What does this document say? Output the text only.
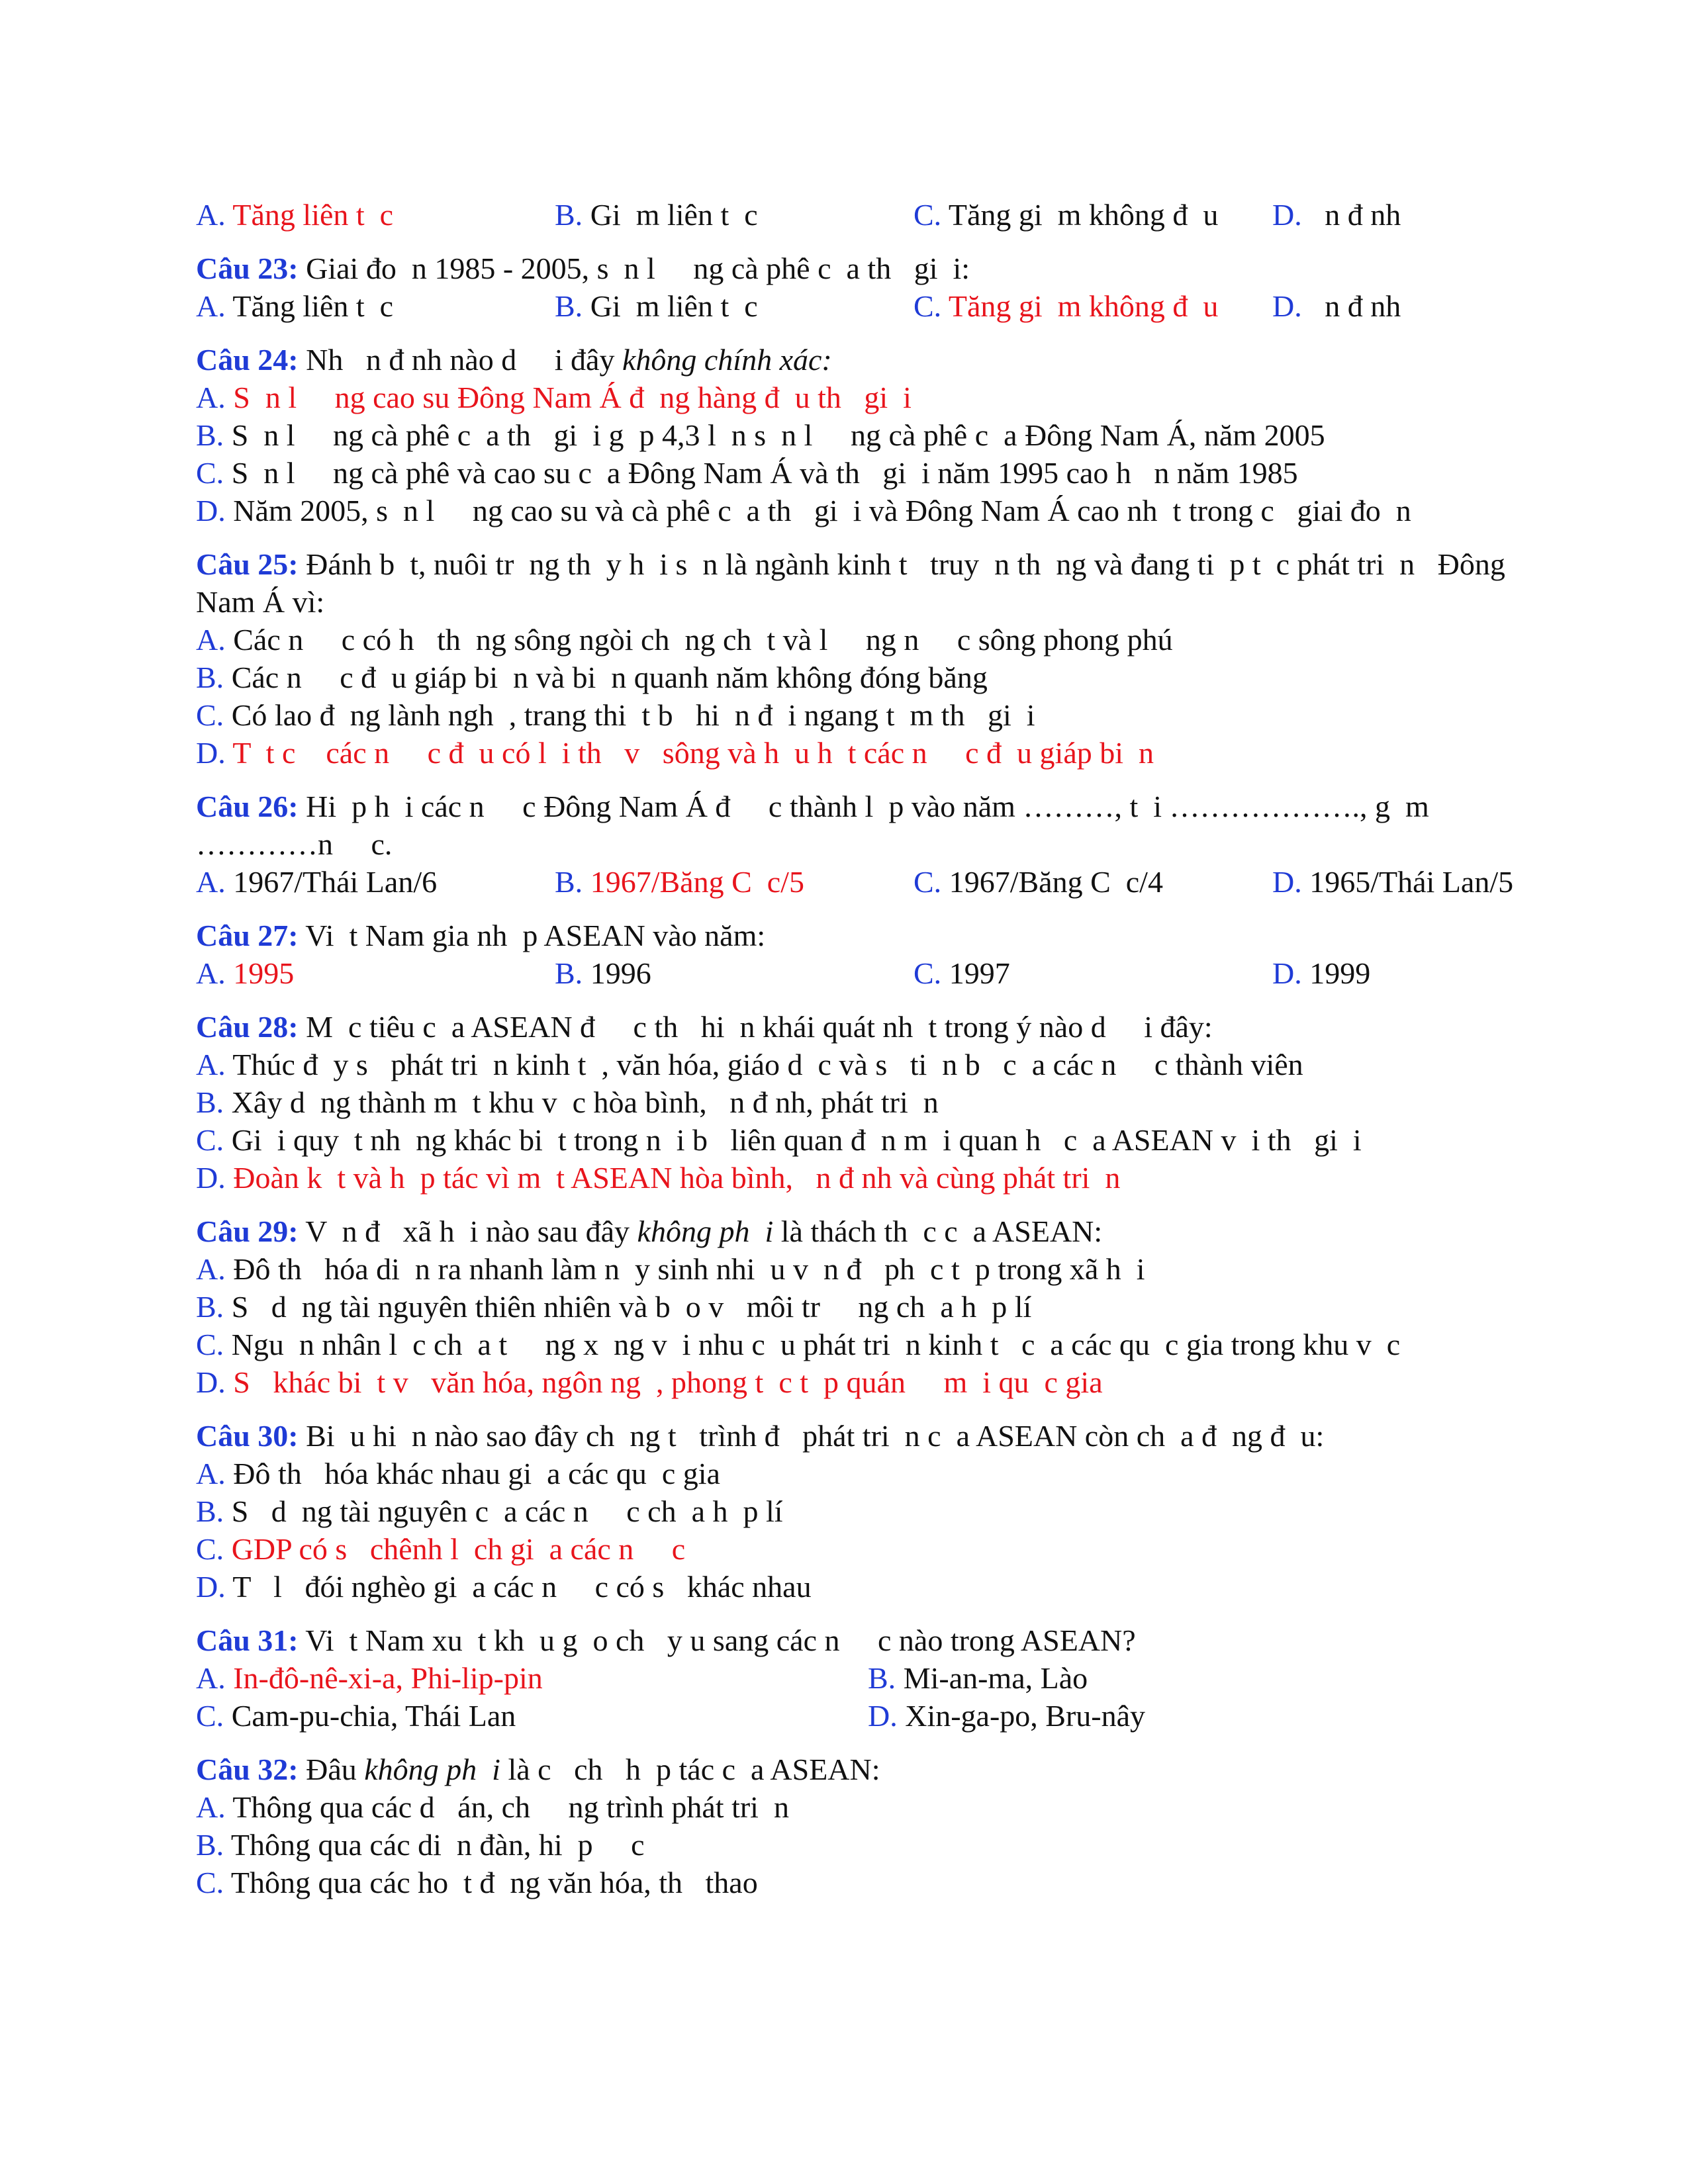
A. Tăng liên t  c	B. Gi  m liên t  c	C. Tăng gi  m không đ  u	D.   n đ nh
Câu 23: Giai đo  n 1985 - 2005, s  n l     ng cà phê c  a th   gi  i:
A. Tăng liên t  c	B. Gi  m liên t  c	C. Tăng gi  m không đ  u	D.   n đ nh
Câu 24: Nh   n đ nh nào d     i đây không chính xác:
A. S  n l     ng cao su Đông Nam Á đ  ng hàng đ  u th   gi  i
B. S  n l     ng cà phê c  a th   gi  i g  p 4,3 l  n s  n l     ng cà phê c  a Đông Nam Á, năm 2005
C. S  n l     ng cà phê và cao su c  a Đông Nam Á và th   gi  i năm 1995 cao h   n năm 1985
D. Năm 2005, s  n l     ng cao su và cà phê c  a th   gi  i và Đông Nam Á cao nh  t trong c   giai đo  n
Câu 25: Đánh b  t, nuôi tr  ng th  y h  i s  n là ngành kinh t   truy  n th  ng và đang ti  p t  c phát tri  n   Đông Nam Á vì:
A. Các n     c có h   th  ng sông ngòi ch  ng ch  t và l     ng n     c sông phong phú
B. Các n     c đ  u giáp bi  n và bi  n quanh năm không đóng băng
C. Có lao đ  ng lành ngh  , trang thi  t b   hi  n đ  i ngang t  m th   gi  i
D. T  t c    các n     c đ  u có l  i th   v   sông và h  u h  t các n     c đ  u giáp bi  n
Câu 26: Hi  p h  i các n     c Đông Nam Á đ     c thành l  p vào năm ………, t  i ………………., g  m …………n     c.
A. 1967/Thái Lan/6	B. 1967/Băng C  c/5	C. 1967/Băng C  c/4	D. 1965/Thái Lan/5
Câu 27: Vi  t Nam gia nh  p ASEAN vào năm:
A. 1995	B. 1996	C. 1997	D. 1999
Câu 28: M  c tiêu c  a ASEAN đ     c th   hi  n khái quát nh  t trong ý nào d     i đây:
A. Thúc đ  y s   phát tri  n kinh t  , văn hóa, giáo d  c và s   ti  n b   c  a các n     c thành viên
B. Xây d  ng thành m  t khu v  c hòa bình,   n đ nh, phát tri  n
C. Gi  i quy  t nh  ng khác bi  t trong n  i b   liên quan đ  n m  i quan h   c  a ASEAN v  i th   gi  i
D. Đoàn k  t và h  p tác vì m  t ASEAN hòa bình,   n đ nh và cùng phát tri  n
Câu 29: V  n đ   xã h  i nào sau đây không ph  i là thách th  c c  a ASEAN:
A. Đô th   hóa di  n ra nhanh làm n  y sinh nhi  u v  n đ   ph  c t  p trong xã h  i
B. S   d  ng tài nguyên thiên nhiên và b  o v   môi tr     ng ch  a h  p lí
C. Ngu  n nhân l  c ch  a t     ng x  ng v  i nhu c  u phát tri  n kinh t   c  a các qu  c gia trong khu v  c
D. S   khác bi  t v   văn hóa, ngôn ng  , phong t  c t  p quán     m  i qu  c gia
Câu 30: Bi  u hi  n nào sao đây ch  ng t   trình đ   phát tri  n c  a ASEAN còn ch  a đ  ng đ  u:
A. Đô th   hóa khác nhau gi  a các qu  c gia
B. S   d  ng tài nguyên c  a các n     c ch  a h  p lí
C. GDP có s   chênh l  ch gi  a các n     c
D. T   l   đói nghèo gi  a các n     c có s   khác nhau
Câu 31: Vi  t Nam xu  t kh  u g  o ch   y u sang các n     c nào trong ASEAN?
A. In-đô-nê-xi-a, Phi-lip-pin	B. Mi-an-ma, Lào
C. Cam-pu-chia, Thái Lan	D. Xin-ga-po, Bru-nây
Câu 32: Đâu không ph  i là c   ch   h  p tác c  a ASEAN:
A. Thông qua các d   án, ch     ng trình phát tri  n
B. Thông qua các di  n đàn, hi  p     c
C. Thông qua các ho  t đ  ng văn hóa, th   thao
